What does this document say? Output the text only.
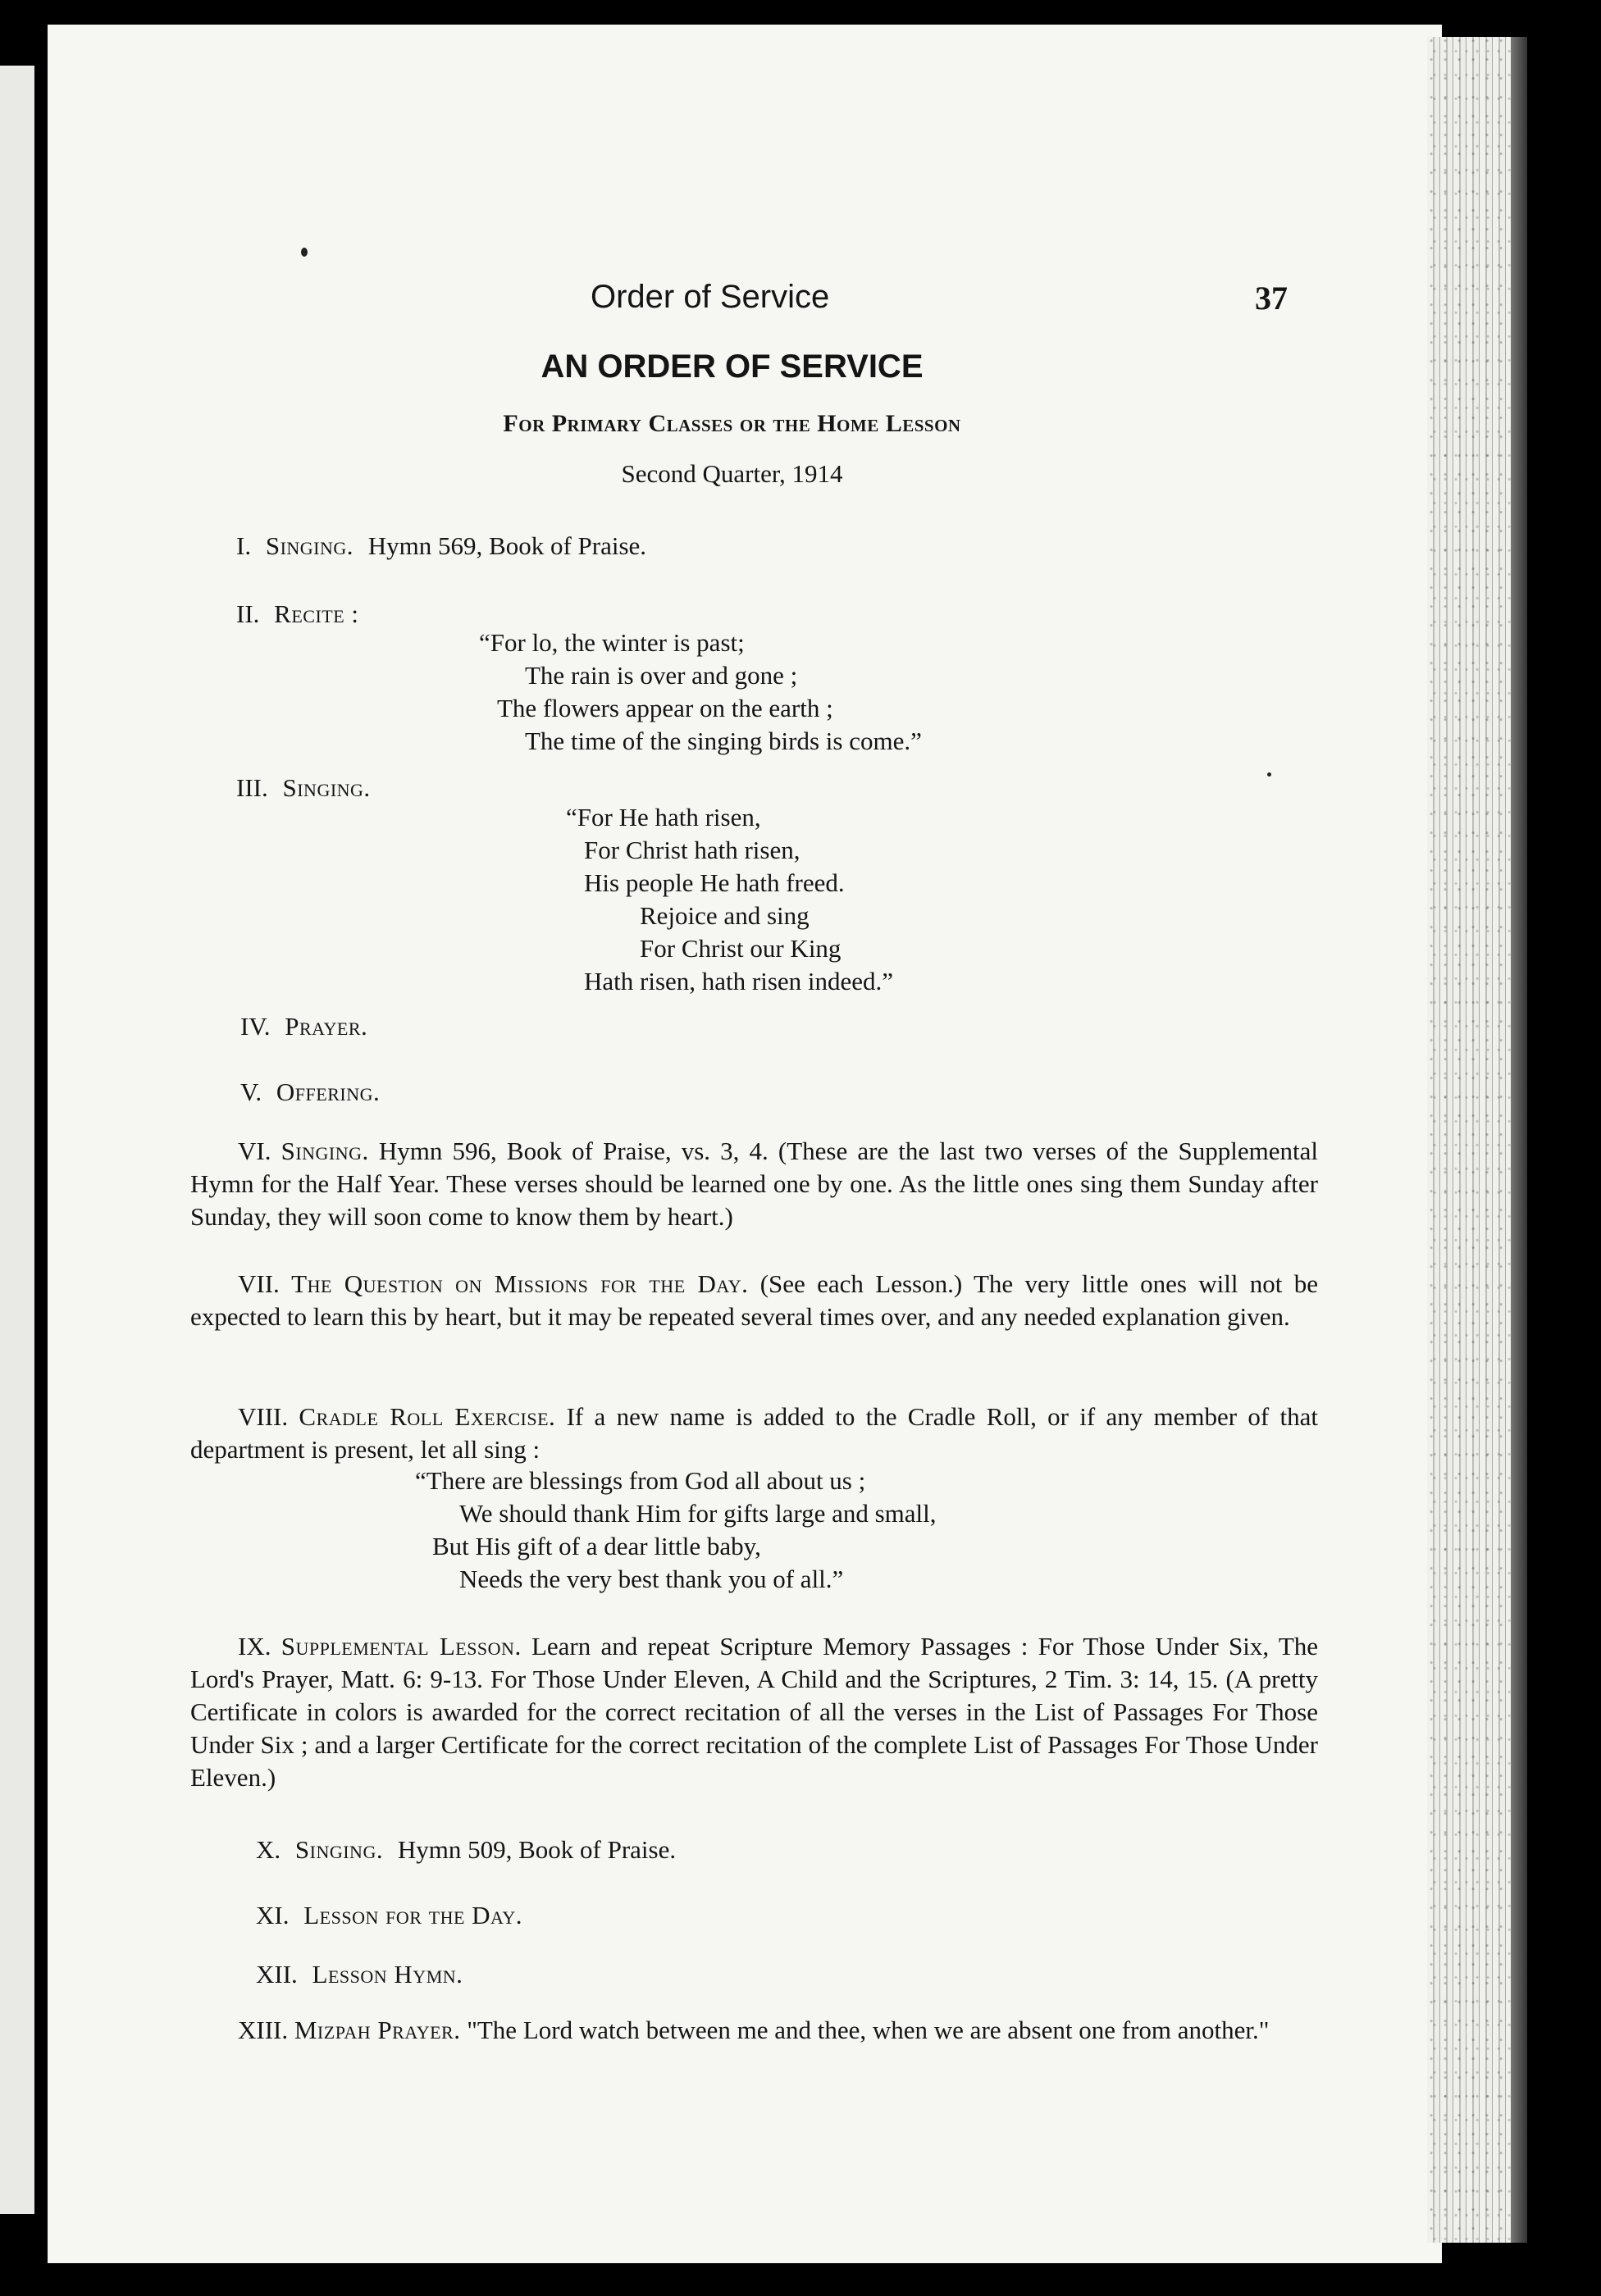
Order of Service	37
AN ORDER OF SERVICE
For Primary Classes or the Home Lesson
Second Quarter, 1914
I. Singing. Hymn 569, Book of Praise.
II. Recite :
“For lo, the winter is past;
The rain is over and gone ;
The flowers appear on the earth ;
The time of the singing birds is come.”
III. Singing.
“For He hath risen,
For Christ hath risen,
His people He hath freed.
Rejoice and sing
For Christ our King
Hath risen, hath risen indeed.”
IV. Prayer.
V. Offering.
VI. Singing. Hymn 596, Book of Praise, vs. 3, 4. (These are the last two verses of the Supplemental Hymn for the Half Year. These verses should be learned one by one. As the little ones sing them Sunday after Sunday, they will soon come to know them by heart.)
VII. The Question on Missions for the Day. (See each Lesson.) The very little ones will not be expected to learn this by heart, but it may be repeated several times over, and any needed explanation given.
VIII. Cradle Roll Exercise. If a new name is added to the Cradle Roll, or if any member of that department is present, let all sing :
“There are blessings from God all about us ;
We should thank Him for gifts large and small,
But His gift of a dear little baby,
Needs the very best thank you of all.”
IX. Supplemental Lesson. Learn and repeat Scripture Memory Passages : For Those Under Six, The Lord's Prayer, Matt. 6: 9-13. For Those Under Eleven, A Child and the Scriptures, 2 Tim. 3: 14, 15. (A pretty Certificate in colors is awarded for the correct recitation of all the verses in the List of Passages For Those Under Six ; and a larger Certificate for the correct recitation of the complete List of Passages For Those Under Eleven.)
X. Singing. Hymn 509, Book of Praise.
XI. Lesson for the Day.
XII. Lesson Hymn.
XIII. Mizpah Prayer. "The Lord watch between me and thee, when we are absent one from another."
